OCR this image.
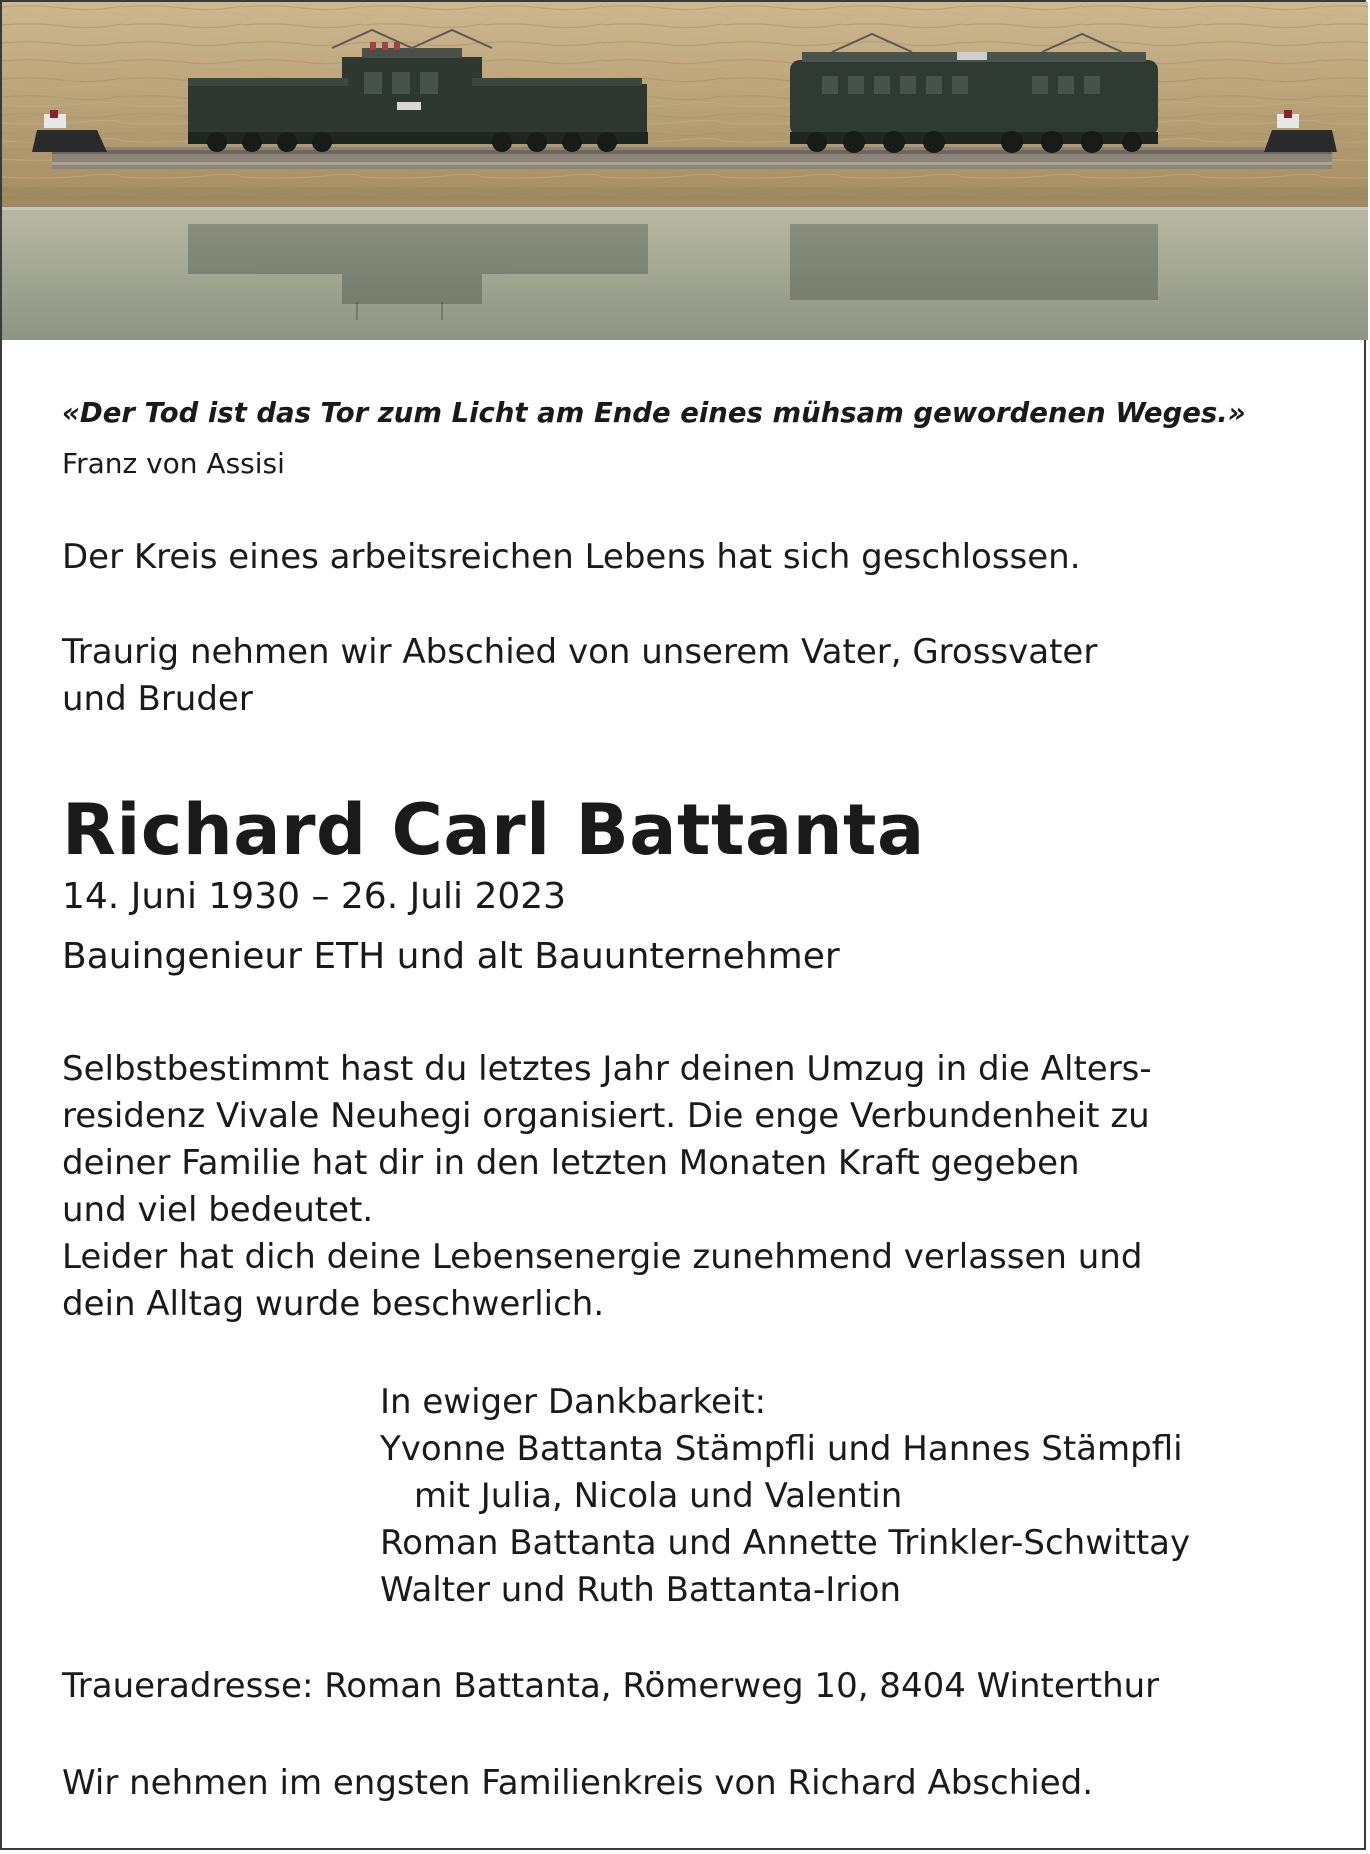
«Der Tod ist das Tor zum Licht am Ende eines mühsam gewordenen Weges.»
Franz von Assisi
Der Kreis eines arbeitsreichen Lebens hat sich geschlossen.
Traurig nehmen wir Abschied von unserem Vater, Grossvater
und Bruder
Richard Carl Battanta
14. Juni 1930 – 26. Juli 2023
Bauingenieur ETH und alt Bauunternehmer
Selbstbestimmt hast du letztes Jahr deinen Umzug in die Alters-
residenz Vivale Neuhegi organisiert. Die enge Verbundenheit zu
deiner Familie hat dir in den letzten Monaten Kraft gegeben
und viel bedeutet.
Leider hat dich deine Lebensenergie zunehmend verlassen und
dein Alltag wurde beschwerlich.
In ewiger Dankbarkeit:
Yvonne Battanta Stämpfli und Hannes Stämpfli
mit Julia, Nicola und Valentin
Roman Battanta und Annette Trinkler-Schwittay
Walter und Ruth Battanta-Irion
Traueradresse: Roman Battanta, Römerweg 10, 8404 Winterthur
Wir nehmen im engsten Familienkreis von Richard Abschied.
